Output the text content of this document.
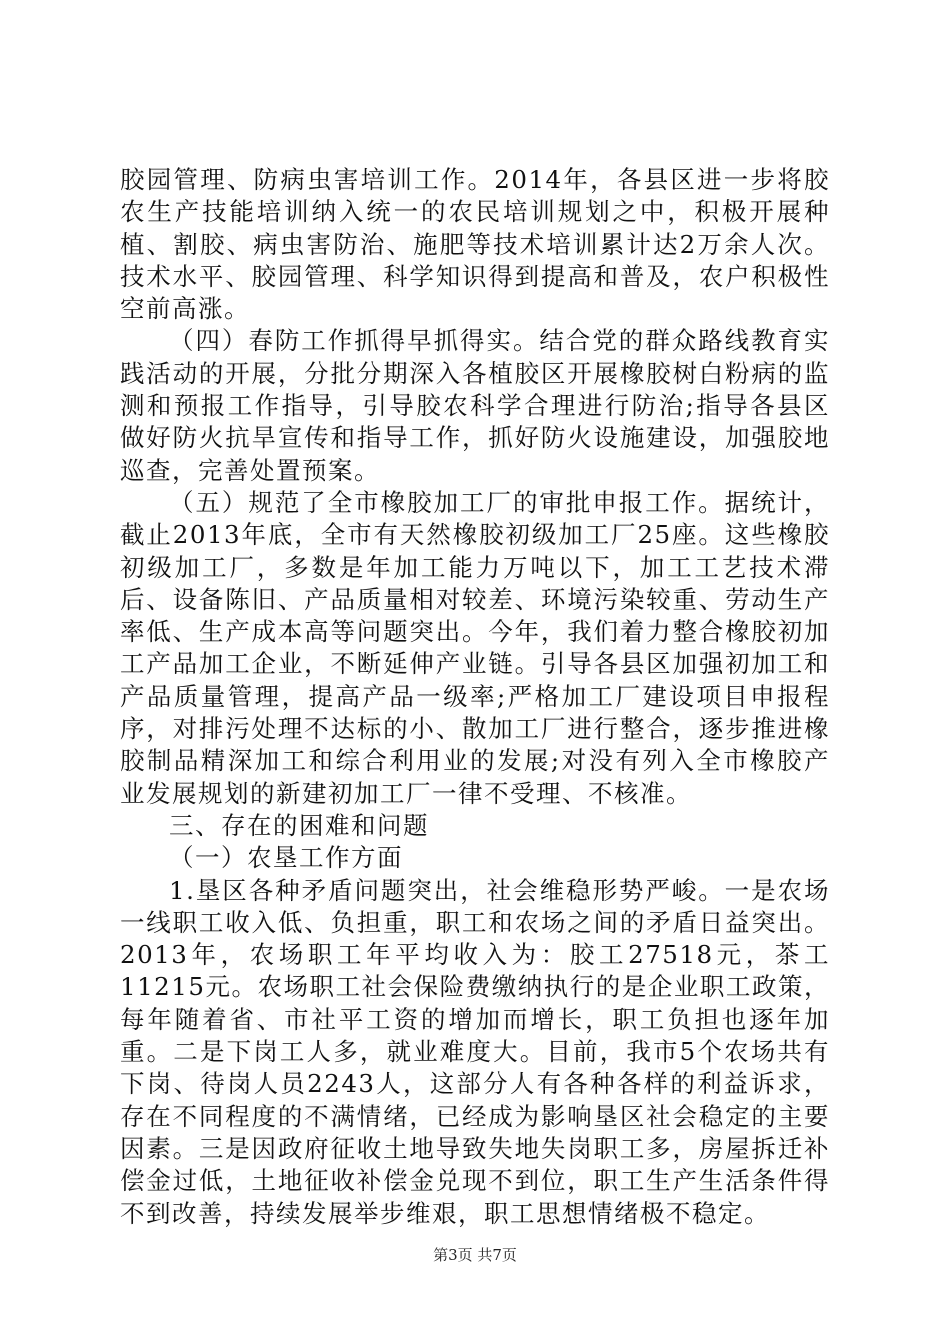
胶园管理、防病虫害培训工作。2014年，各县区进一步将胶农生产技能培训纳入统一的农民培训规划之中，积极开展种植、割胶、病虫害防治、施肥等技术培训累计达2万余人次。技术水平、胶园管理、科学知识得到提高和普及，农户积极性空前高涨。

（四）春防工作抓得早抓得实。结合党的群众路线教育实践活动的开展，分批分期深入各植胶区开展橡胶树白粉病的监测和预报工作指导，引导胶农科学合理进行防治;指导各县区做好防火抗旱宣传和指导工作，抓好防火设施建设，加强胶地巡查，完善处置预案。

（五）规范了全市橡胶加工厂的审批申报工作。据统计，截止2013年底，全市有天然橡胶初级加工厂25座。这些橡胶初级加工厂，多数是年加工能力万吨以下，加工工艺技术滞后、设备陈旧、产品质量相对较差、环境污染较重、劳动生产率低、生产成本高等问题突出。今年，我们着力整合橡胶初加工产品加工企业，不断延伸产业链。引导各县区加强初加工和产品质量管理，提高产品一级率;严格加工厂建设项目申报程序，对排污处理不达标的小、散加工厂进行整合，逐步推进橡胶制品精深加工和综合利用业的发展;对没有列入全市橡胶产业发展规划的新建初加工厂一律不受理、不核准。

三、存在的困难和问题

（一）农垦工作方面

1.垦区各种矛盾问题突出，社会维稳形势严峻。一是农场一线职工收入低、负担重，职工和农场之间的矛盾日益突出。2013年，农场职工年平均收入为：胶工27518元，茶工11215元。农场职工社会保险费缴纳执行的是企业职工政策，每年随着省、市社平工资的增加而增长，职工负担也逐年加重。二是下岗工人多，就业难度大。目前，我市5个农场共有下岗、待岗人员2243人，这部分人有各种各样的利益诉求，存在不同程度的不满情绪，已经成为影响垦区社会稳定的主要因素。三是因政府征收土地导致失地失岗职工多，房屋拆迁补偿金过低，土地征收补偿金兑现不到位，职工生产生活条件得不到改善，持续发展举步维艰，职工思想情绪极不稳定。

第3页 共7页
